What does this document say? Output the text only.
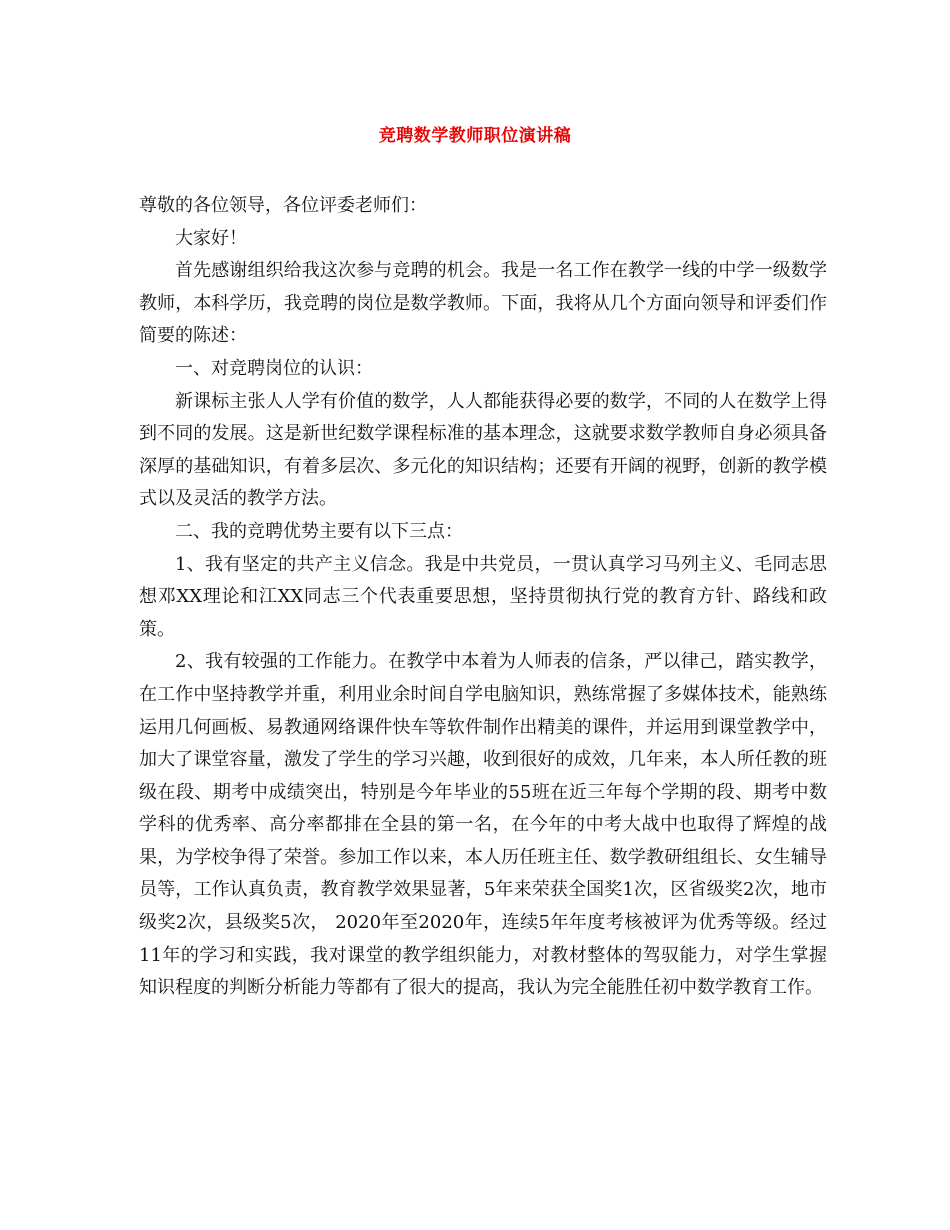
竞聘数学教师职位演讲稿

尊敬的各位领导，各位评委老师们：

大家好！

首先感谢组织给我这次参与竞聘的机会。我是一名工作在教学一线的中学一级数学教师，本科学历，我竞聘的岗位是数学教师。下面，我将从几个方面向领导和评委们作简要的陈述：

一、对竞聘岗位的认识：

新课标主张人人学有价值的数学，人人都能获得必要的数学，不同的人在数学上得到不同的发展。这是新世纪数学课程标准的基本理念，这就要求数学教师自身必须具备深厚的基础知识，有着多层次、多元化的知识结构；还要有开阔的视野，创新的教学模式以及灵活的教学方法。

二、我的竞聘优势主要有以下三点：

1、我有坚定的共产主义信念。我是中共党员，一贯认真学习马列主义、毛同志思想邓XX理论和江XX同志三个代表重要思想，坚持贯彻执行党的教育方针、路线和政策。

2、我有较强的工作能力。在教学中本着为人师表的信条，严以律己，踏实教学，在工作中坚持教学并重，利用业余时间自学电脑知识，熟练常握了多媒体技术，能熟练运用几何画板、易教通网络课件快车等软件制作出精美的课件，并运用到课堂教学中，加大了课堂容量，激发了学生的学习兴趣，收到很好的成效，几年来，本人所任教的班级在段、期考中成绩突出，特别是今年毕业的55班在近三年每个学期的段、期考中数学科的优秀率、高分率都排在全县的第一名，在今年的中考大战中也取得了辉煌的战果，为学校争得了荣誉。参加工作以来，本人历任班主任、数学教研组组长、女生辅导员等，工作认真负责，教育教学效果显著，5年来荣获全国奖1次，区省级奖2次，地市级奖2次，县级奖5次， 2020年至2020年，连续5年年度考核被评为优秀等级。经过11年的学习和实践，我对课堂的教学组织能力，对教材整体的驾驭能力，对学生掌握知识程度的判断分析能力等都有了很大的提高，我认为完全能胜任初中数学教育工作。
